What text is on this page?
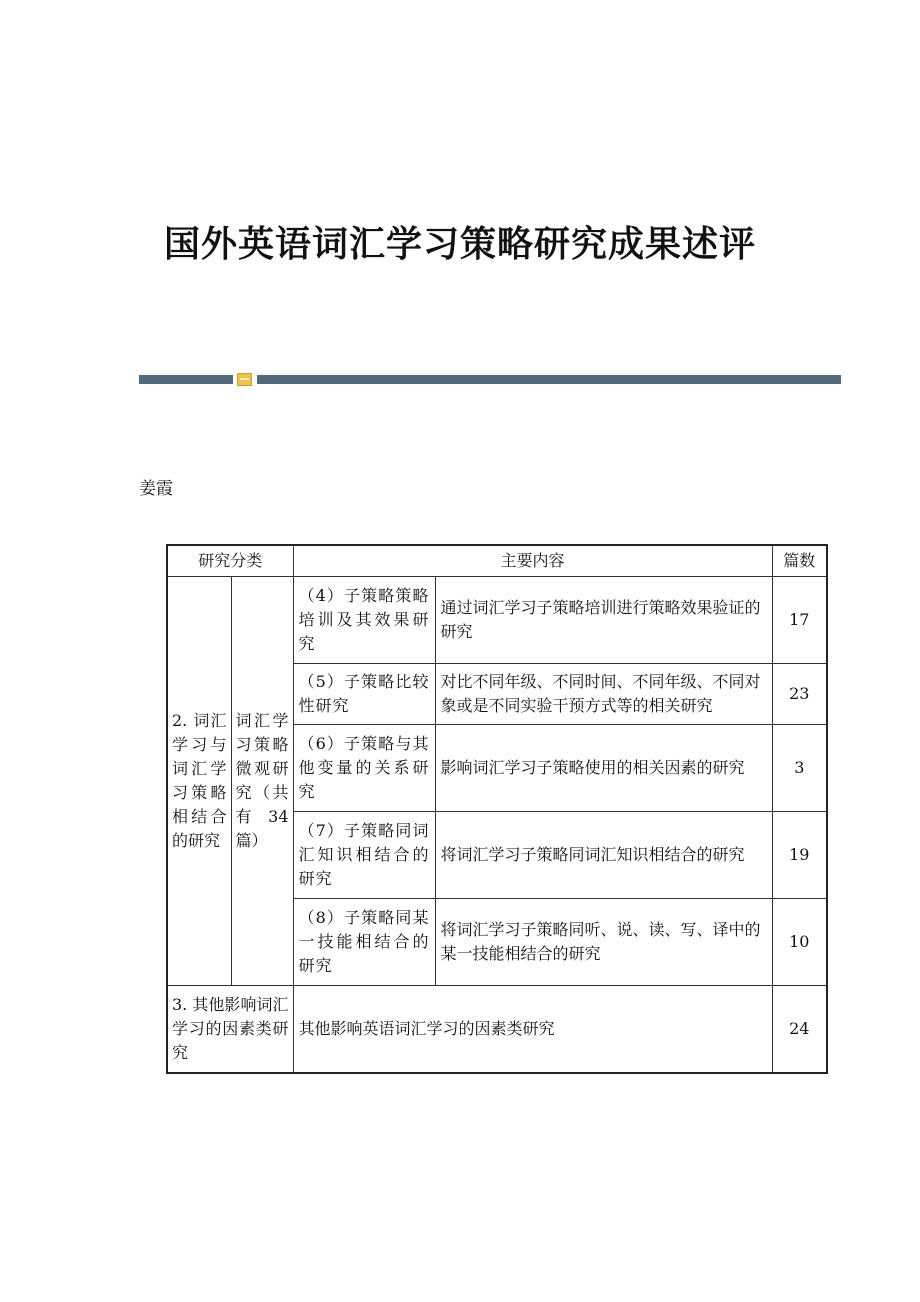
国外英语词汇学习策略研究成果述评
姜霞
研究分类		主要内容		篇数
2. 词汇学习与词汇学习策略相结合的研究	词汇学习策略微观研究（共有 34 篇）	（4）子策略策略培训及其效果研究	通过词汇学习子策略培训进行策略效果验证的研究	17
		（5）子策略比较性研究	对比不同年级、不同时间、不同年级、不同对象或是不同实验干预方式等的相关研究	23
		（6）子策略与其他变量的关系研究	影响词汇学习子策略使用的相关因素的研究	3
		（7）子策略同词汇知识相结合的研究	将词汇学习子策略同词汇知识相结合的研究	19
		（8）子策略同某一技能相结合的研究	将词汇学习子策略同听、说、读、写、译中的某一技能相结合的研究	10
3. 其他影响词汇学习的因素类研究		其他影响英语词汇学习的因素类研究		24
